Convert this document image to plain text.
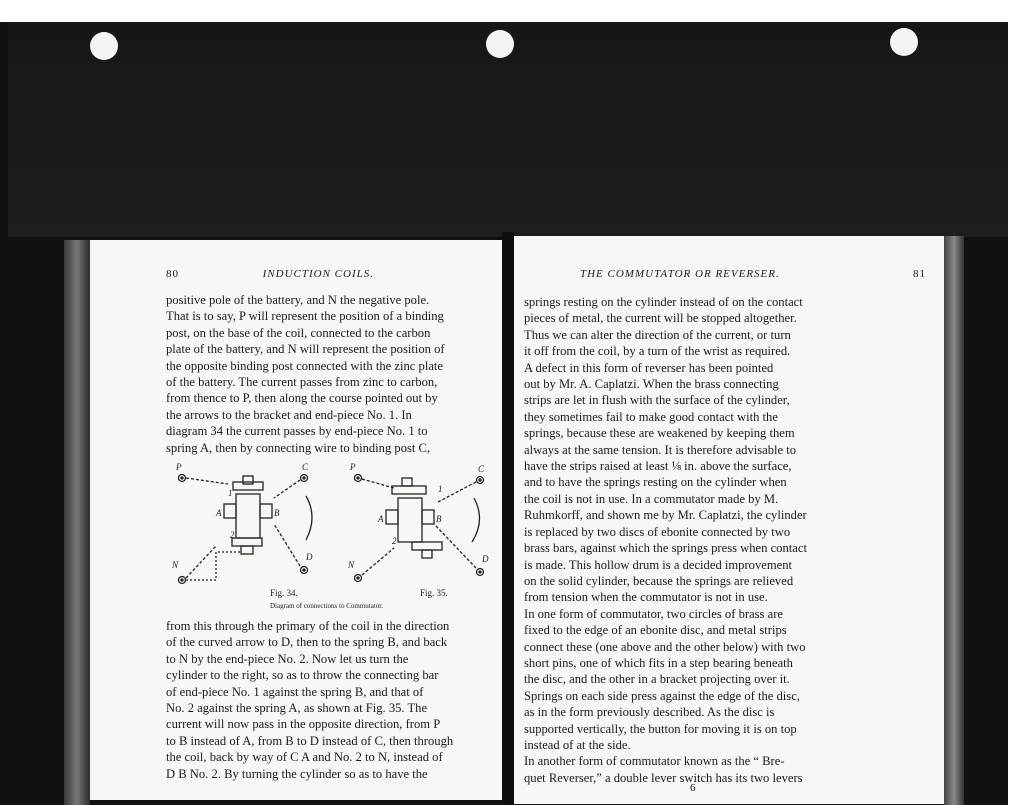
80	INDUCTION COILS.
positive pole of the battery, and N the negative pole.
That is to say, P will represent the position of a binding
post, on the base of the coil, connected to the carbon
plate of the battery, and N will represent the position of
the opposite binding post connected with the zinc plate
of the battery. The current passes from zinc to carbon,
from thence to P, then along the course pointed out by
the arrows to the bracket and end-piece No. 1. In
diagram 34 the current passes by end-piece No. 1 to
spring A, then by connecting wire to binding post C,
P	C
A	B
N
D
1
2
P	C
A	B
N
D
1
2
Fig. 34.	Fig. 35.
Diagram of connections to Commutator.
from this through the primary of the coil in the direction
of the curved arrow to D, then to the spring B, and back
to N by the end-piece No. 2. Now let us turn the
cylinder to the right, so as to throw the connecting bar
of end-piece No. 1 against the spring B, and that of
No. 2 against the spring A, as shown at Fig. 35. The
current will now pass in the opposite direction, from P
to B instead of A, from B to D instead of C, then through
the coil, back by way of C A and No. 2 to N, instead of
D B No. 2. By turning the cylinder so as to have the
THE COMMUTATOR OR REVERSER.	81
springs resting on the cylinder instead of on the contact
pieces of metal, the current will be stopped altogether.
Thus we can alter the direction of the current, or turn
it off from the coil, by a turn of the wrist as required.
A defect in this form of reverser has been pointed
out by Mr. A. Caplatzi. When the brass connecting
strips are let in flush with the surface of the cylinder,
they sometimes fail to make good contact with the
springs, because these are weakened by keeping them
always at the same tension. It is therefore advisable to
have the strips raised at least ⅛ in. above the surface,
and to have the springs resting on the cylinder when
the coil is not in use. In a commutator made by M.
Ruhmkorff, and shown me by Mr. Caplatzi, the cylinder
is replaced by two discs of ebonite connected by two
brass bars, against which the springs press when contact
is made. This hollow drum is a decided improvement
on the solid cylinder, because the springs are relieved
from tension when the commutator is not in use.
In one form of commutator, two circles of brass are
fixed to the edge of an ebonite disc, and metal strips
connect these (one above and the other below) with two
short pins, one of which fits in a step bearing beneath
the disc, and the other in a bracket projecting over it.
Springs on each side press against the edge of the disc,
as in the form previously described. As the disc is
supported vertically, the button for moving it is on top
instead of at the side.
In another form of commutator known as the “ Bre-
quet Reverser,” a double lever switch has its two levers
6
